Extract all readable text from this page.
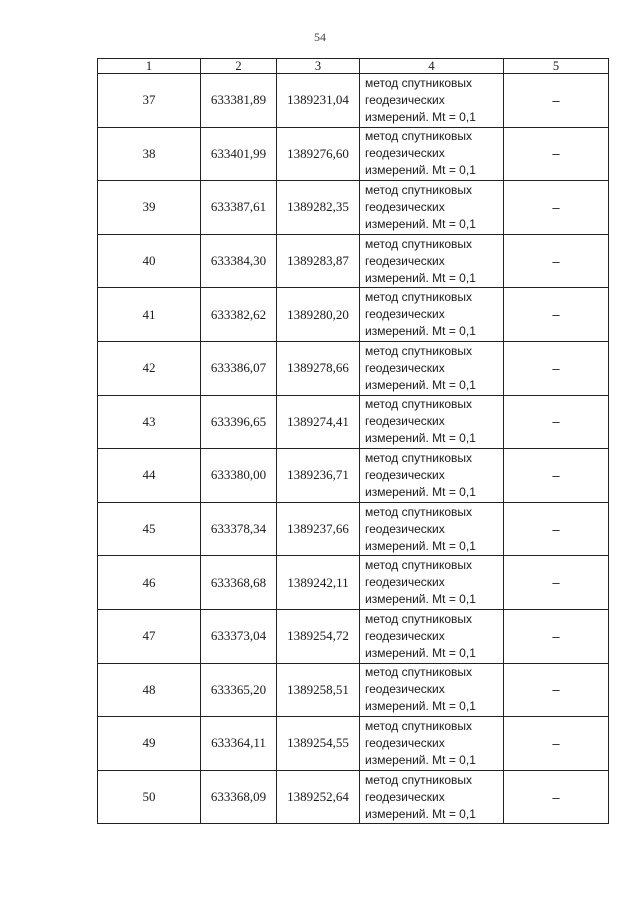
54
1	2	3	4	5
37	633381,89	1389231,04	метод спутниковых
геодезических
измерений. Mt = 0,1	–
38	633401,99	1389276,60	метод спутниковых
геодезических
измерений. Mt = 0,1	–
39	633387,61	1389282,35	метод спутниковых
геодезических
измерений. Mt = 0,1	–
40	633384,30	1389283,87	метод спутниковых
геодезических
измерений. Mt = 0,1	–
41	633382,62	1389280,20	метод спутниковых
геодезических
измерений. Mt = 0,1	–
42	633386,07	1389278,66	метод спутниковых
геодезических
измерений. Mt = 0,1	–
43	633396,65	1389274,41	метод спутниковых
геодезических
измерений. Mt = 0,1	–
44	633380,00	1389236,71	метод спутниковых
геодезических
измерений. Mt = 0,1	–
45	633378,34	1389237,66	метод спутниковых
геодезических
измерений. Mt = 0,1	–
46	633368,68	1389242,11	метод спутниковых
геодезических
измерений. Mt = 0,1	–
47	633373,04	1389254,72	метод спутниковых
геодезических
измерений. Mt = 0,1	–
48	633365,20	1389258,51	метод спутниковых
геодезических
измерений. Mt = 0,1	–
49	633364,11	1389254,55	метод спутниковых
геодезических
измерений. Mt = 0,1	–
50	633368,09	1389252,64	метод спутниковых
геодезических
измерений. Mt = 0,1	–
